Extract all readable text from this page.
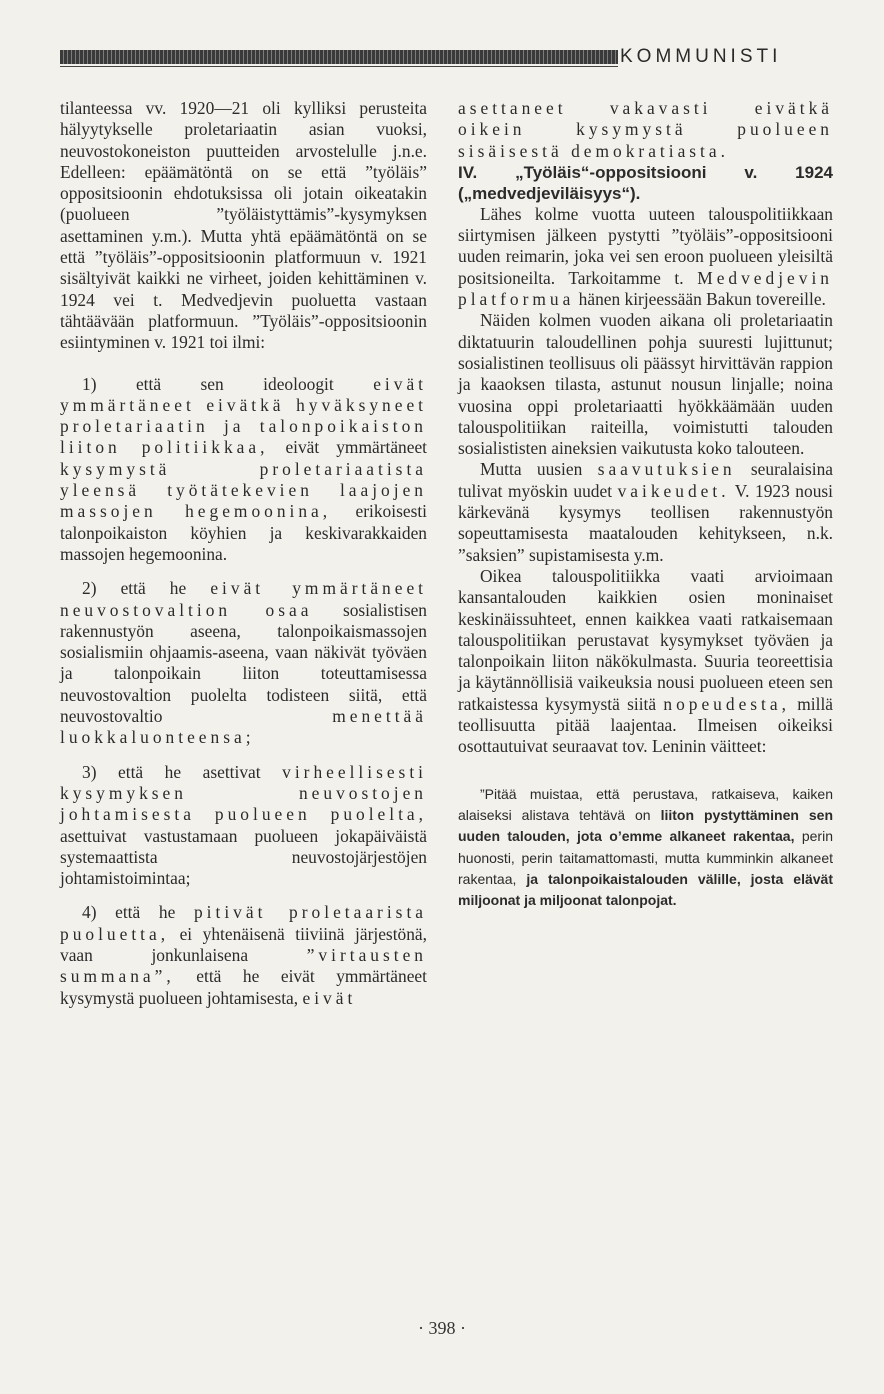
KOMMUNISTI

tilanteessa vv. 1920—21 oli kylliksi perusteita hälyytykselle proletariaatin asian vuoksi, neuvostokoneiston puutteiden arvostelulle j.n.e. Edelleen: epäämätöntä on se että ”työläis” oppositsioonin ehdotuksissa oli jotain oikeatakin (puolueen ”työläistyttämis”-kysymyksen asettaminen y.m.). Mutta yhtä epäämätöntä on se että ”työläis”-oppositsioonin platformuun v. 1921 sisältyivät kaikki ne virheet, joiden kehittäminen v. 1924 vei t. Medvedjevin puoluetta vastaan tähtäävään platformuun. ”Työläis”-oppositsioonin esiintyminen v. 1921 toi ilmi:

1) että sen ideoloogit eivät ymmärtäneet eivätkä hyväksyneet proletariaatin ja talonpoikaiston liiton politiikkaa, eivät ymmärtäneet kysymystä proletariaatista yleensä työtätekevien laajojen massojen hegemoonina, erikoisesti talonpoikaiston köyhien ja keskivarakkaiden massojen hegemoonina.

2) että he eivät ymmärtäneet neuvostovaltion osaa sosialistisen rakennustyön aseena, talonpoikaismassojen sosialismiin ohjaamis-aseena, vaan näkivät työväen ja talonpoikain liiton toteuttamisessa neuvostovaltion puolelta todisteen siitä, että neuvostovaltio	menettää luokkaluonteensa;

3) että he asettivat virheellisesti kysymyksen neuvostojen johtamisesta puolueen puolelta, asettuivat vastustamaan puolueen jokapäiväistä systemaattista neuvostojärjestöjen johtamistoimintaa;

4) että he pitivät proletaarista puoluetta, ei yhtenäisenä tiiviinä järjestönä, vaan jonkunlaisena	”virtausten summana”, että he eivät ymmärtäneet kysymystä puolueen johtamisesta, eivät

asettaneet vakavasti eivätkä oikein kysymystä puolueen sisäisestä demokratiasta.

IV. „Työläis“-oppositsiooni v. 1924 („medvedjeviläisyys“).

Lähes kolme vuotta uuteen talouspolitiikkaan siirtymisen jälkeen pystytti ”työläis”-oppositsiooni uuden reimarin, joka vei sen eroon puolueen yleisiltä positsioneilta. Tarkoitamme t. Medvedjevin platformua hänen kirjeessään Bakun tovereille.

Näiden kolmen vuoden aikana oli proletariaatin diktatuurin taloudellinen pohja suuresti lujittunut; sosialistinen teollisuus oli päässyt hirvittävän rappion ja kaaoksen tilasta, astunut nousun linjalle; noina vuosina oppi proletariaatti hyökkäämään uuden talouspolitiikan raiteilla, voimistutti talouden sosialististen aineksien vaikutusta koko talouteen.

Mutta uusien saavutuksien seuralaisina tulivat myöskin uudet vaikeudet. V. 1923 nousi kärkevänä kysymys teollisen rakennustyön sopeuttamisesta maatalouden kehitykseen, n.k. ”saksien” supistamisesta y.m.

Oikea talouspolitiikka vaati arvioimaan kansantalouden kaikkien osien moninaiset keskinäissuhteet, ennen kaikkea vaati ratkaisemaan talouspolitiikan perustavat kysymykset työväen ja talonpoikain liiton näkökulmasta. Suuria teoreettisia ja käytännöllisiä vaikeuksia nousi puolueen eteen sen ratkaistessa kysymystä siitä nopeudesta, millä teollisuutta pitää laajentaa. Ilmeisen oikeiksi osottautuivat seuraavat tov. Leninin väitteet:

”Pitää muistaa, että perustava, ratkaiseva, kaiken alaiseksi alistava tehtävä on liiton pystyttäminen sen uuden talouden, jota o’emme alkaneet rakentaa, perin huonosti, perin taitamattomasti, mutta kumminkin alkaneet rakentaa, ja talonpoikaistalouden välille, josta elävät miljoonat ja miljoonat talonpojat.

· 398 ·
